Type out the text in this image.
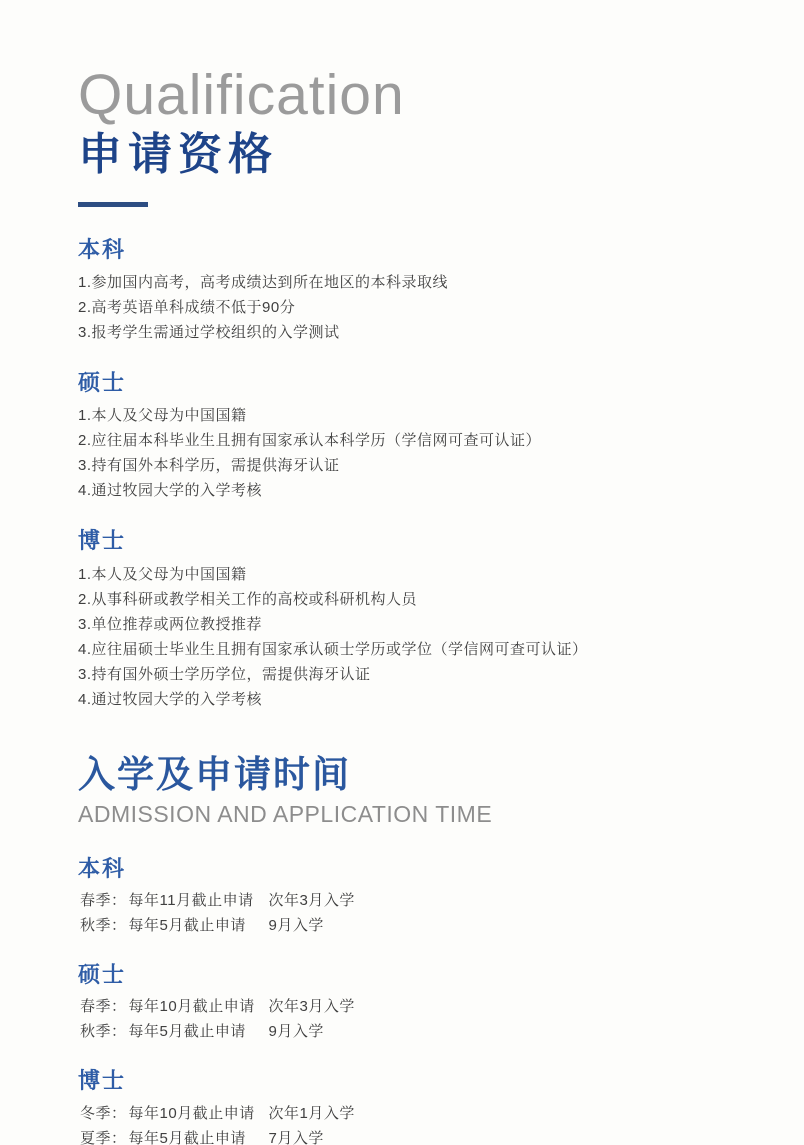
Qualification
申请资格
本科
1.参加国内高考，高考成绩达到所在地区的本科录取线
2.高考英语单科成绩不低于90分
3.报考学生需通过学校组织的入学测试
硕士
1.本人及父母为中国国籍
2.应往届本科毕业生且拥有国家承认本科学历（学信网可查可认证）
3.持有国外本科学历，需提供海牙认证
4.通过牧园大学的入学考核
博士
1.本人及父母为中国国籍
2.从事科研或教学相关工作的高校或科研机构人员
3.单位推荐或两位教授推荐
4.应往届硕士毕业生且拥有国家承认硕士学历或学位（学信网可查可认证）
3.持有国外硕士学历学位，需提供海牙认证
4.通过牧园大学的入学考核
入学及申请时间
ADMISSION AND APPLICATION TIME
本科
春季： 每年11月截止申请 次年3月入学
秋季： 每年5月截止申请 9月入学
硕士
春季： 每年10月截止申请 次年3月入学
秋季： 每年5月截止申请 9月入学
博士
冬季： 每年10月截止申请 次年1月入学
夏季： 每年5月截止申请 7月入学
